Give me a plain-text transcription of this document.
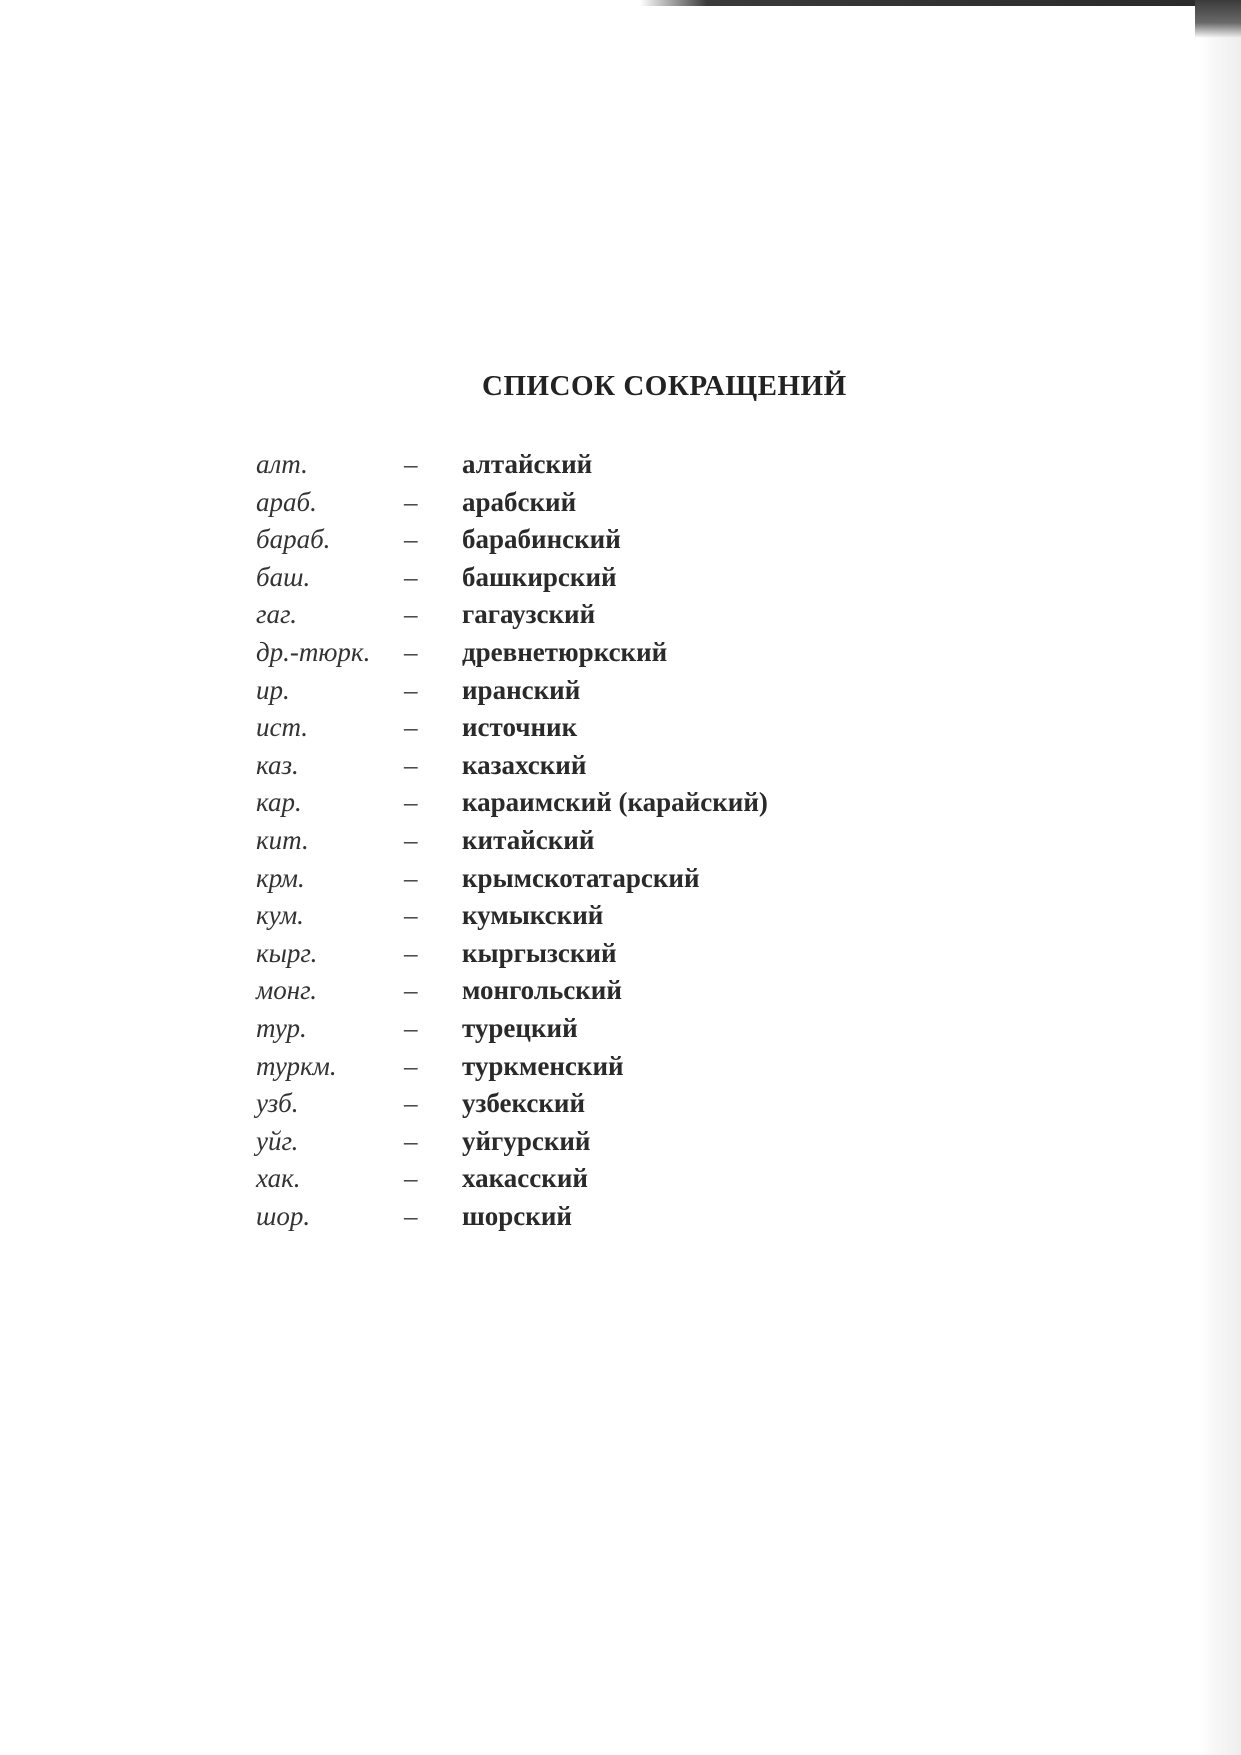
СПИСОК СОКРАЩЕНИЙ
алт.	– алтайский
араб.	– арабский
бараб.	– барабинский
баш.	– башкирский
гаг.	– гагаузский
др.-тюрк. – древнетюркский
ир.	– иранский
ист.	– источник
каз.	– казахский
кар.	– караимский (карайский)
кит.	– китайский
крм.	– крымскотатарский
кум.	– кумыкский
кырг.	– кыргызский
монг.	– монгольский
тур.	– турецкий
туркм. – туркменский
узб.	– узбекский
уйг.	– уйгурский
хак.	– хакасский
шор.	– шорский
